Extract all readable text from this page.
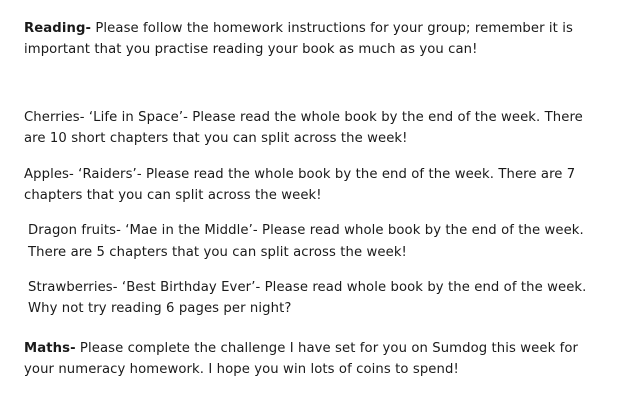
Reading- Please follow the homework instructions for your group; remember it is important that you practise reading your book as much as you can!

Cherries- ‘Life in Space’- Please read the whole book by the end of the week. There are 10 short chapters that you can split across the week!

Apples- ‘Raiders’- Please read the whole book by the end of the week. There are 7 chapters that you can split across the week!

Dragon fruits- ‘Mae in the Middle’- Please read whole book by the end of the week. There are 5 chapters that you can split across the week!

Strawberries- ‘Best Birthday Ever’- Please read whole book by the end of the week. Why not try reading 6 pages per night?

Maths- Please complete the challenge I have set for you on Sumdog this week for your numeracy homework. I hope you win lots of coins to spend!
